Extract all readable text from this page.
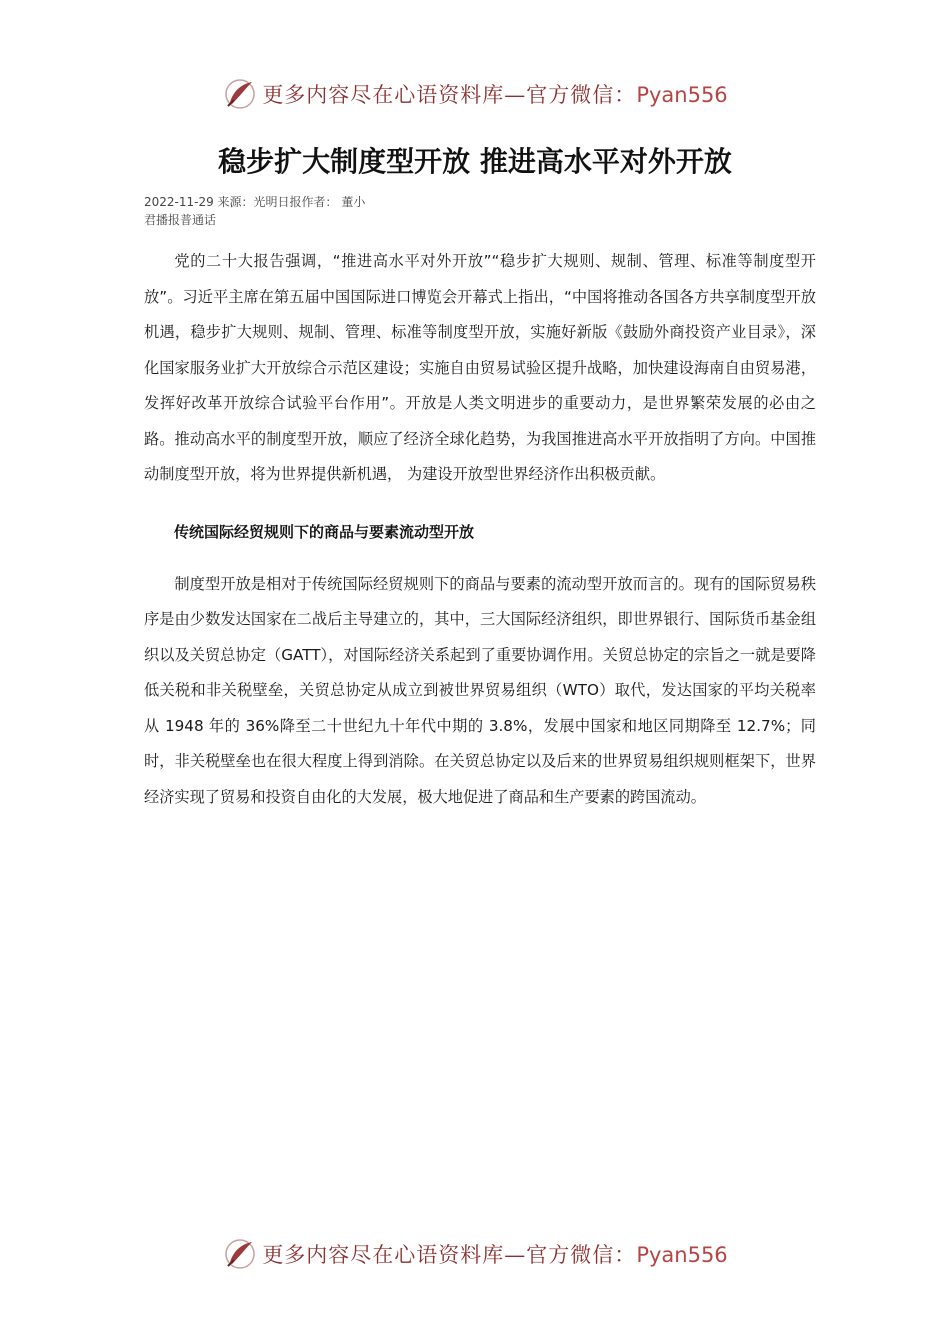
更多内容尽在心语资料库—官方微信：Pyan556
稳步扩大制度型开放 推进高水平对外开放
2022-11-29 来源：光明日报作者： 董小
君播报普通话

党的二十大报告强调，“推进高水平对外开放”“稳步扩大规则、规制、管理、标准等制度型开放”。习近平主席在第五届中国国际进口博览会开幕式上指出，“中国将推动各国各方共享制度型开放机遇，稳步扩大规则、规制、管理、标准等制度型开放，实施好新版《鼓励外商投资产业目录》，深化国家服务业扩大开放综合示范区建设；实施自由贸易试验区提升战略，加快建设海南自由贸易港，发挥好改革开放综合试验平台作用”。开放是人类文明进步的重要动力，是世界繁荣发展的必由之路。推动高水平的制度型开放，顺应了经济全球化趋势，为我国推进高水平开放指明了方向。中国推动制度型开放，将为世界提供新机遇， 为建设开放型世界经济作出积极贡献。

传统国际经贸规则下的商品与要素流动型开放

制度型开放是相对于传统国际经贸规则下的商品与要素的流动型开放而言的。现有的国际贸易秩序是由少数发达国家在二战后主导建立的，其中，三大国际经济组织，即世界银行、国际货币基金组织以及关贸总协定（GATT），对国际经济关系起到了重要协调作用。关贸总协定的宗旨之一就是要降低关税和非关税壁垒，关贸总协定从成立到被世界贸易组织（WTO）取代，发达国家的平均关税率从 1948 年的 36%降至二十世纪九十年代中期的 3.8%，发展中国家和地区同期降至 12.7%；同时，非关税壁垒也在很大程度上得到消除。在关贸总协定以及后来的世界贸易组织规则框架下，世界经济实现了贸易和投资自由化的大发展，极大地促进了商品和生产要素的跨国流动。

更多内容尽在心语资料库—官方微信：Pyan556
